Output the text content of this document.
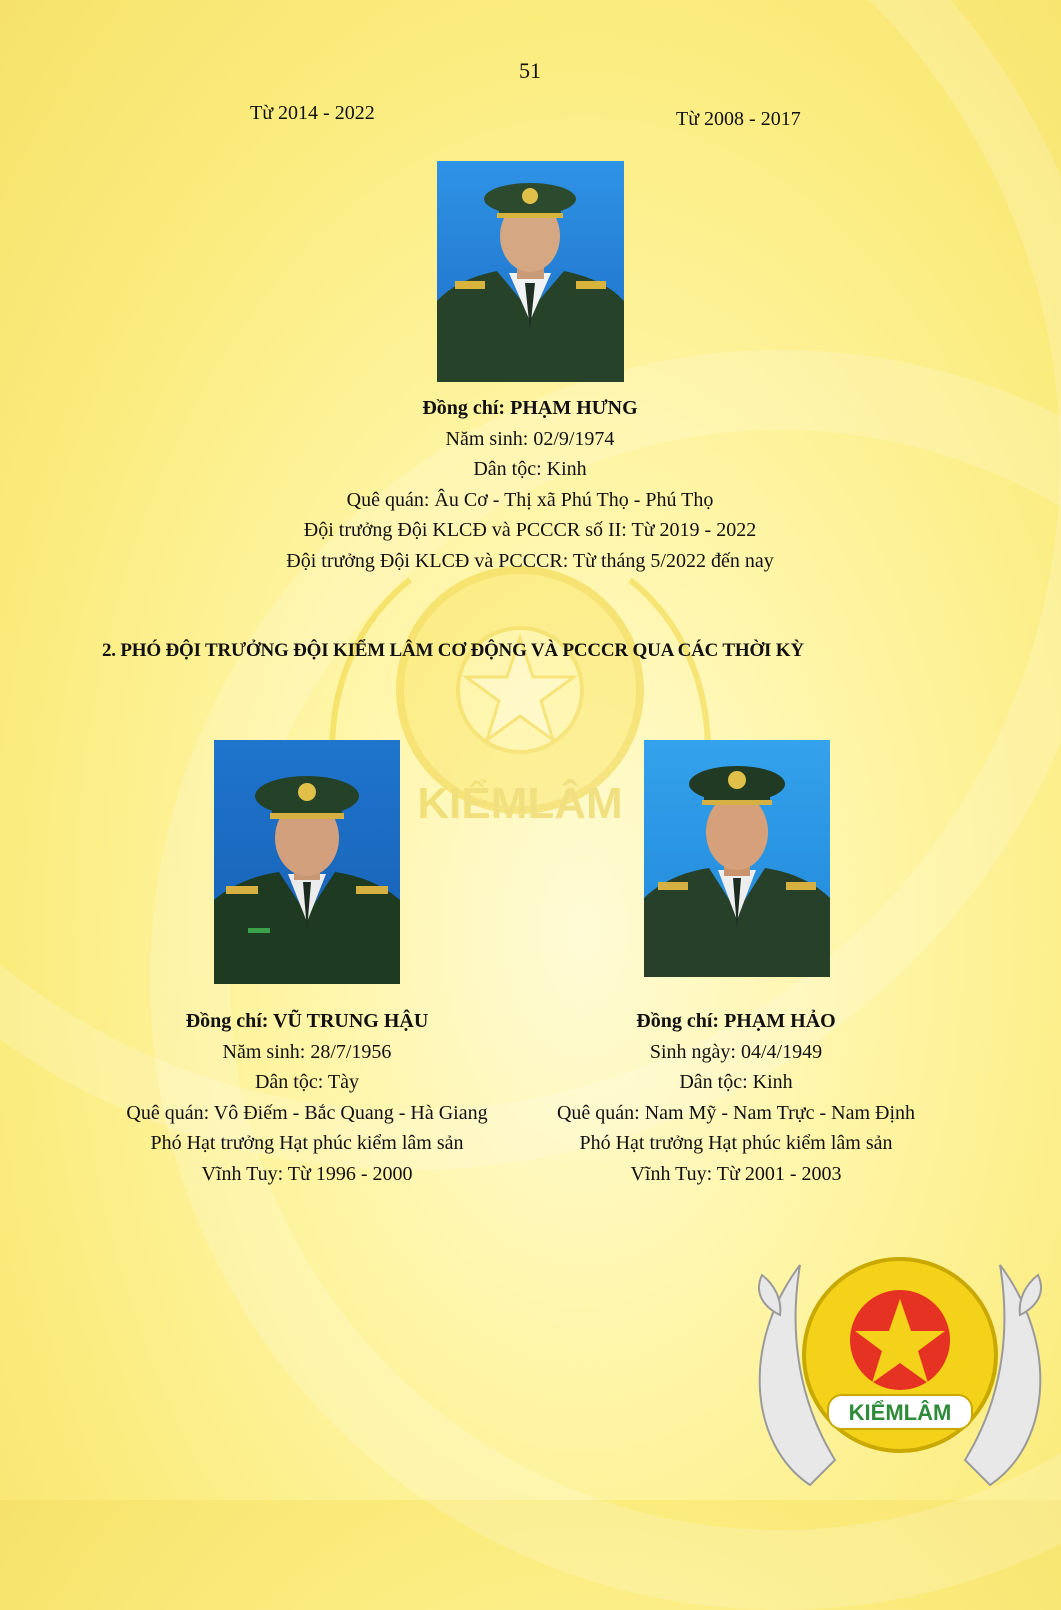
KIỂMLÂM
51
Từ 2014 - 2022	Từ 2008 - 2017
Đồng chí: PHẠM HƯNG
Năm sinh: 02/9/1974
Dân tộc: Kinh
Quê quán: Âu Cơ - Thị xã Phú Thọ - Phú Thọ
Đội trưởng Đội KLCĐ và PCCCR số II: Từ 2019 - 2022
Đội trưởng Đội KLCĐ và PCCCR: Từ tháng 5/2022 đến nay
2. PHÓ ĐỘI TRƯỞNG ĐỘI KIỂM LÂM CƠ ĐỘNG VÀ PCCCR QUA CÁC THỜI KỲ
Đồng chí: VŨ TRUNG HẬU
Năm sinh: 28/7/1956
Dân tộc: Tày
Quê quán: Vô Điếm - Bắc Quang - Hà Giang
Phó Hạt trưởng Hạt phúc kiểm lâm sản
Vĩnh Tuy: Từ 1996 - 2000
Đồng chí: PHẠM HẢO
Sinh ngày: 04/4/1949
Dân tộc: Kinh
Quê quán: Nam Mỹ - Nam Trực - Nam Định
Phó Hạt trưởng Hạt phúc kiểm lâm sản
Vĩnh Tuy: Từ 2001 - 2003
KIỂMLÂM
